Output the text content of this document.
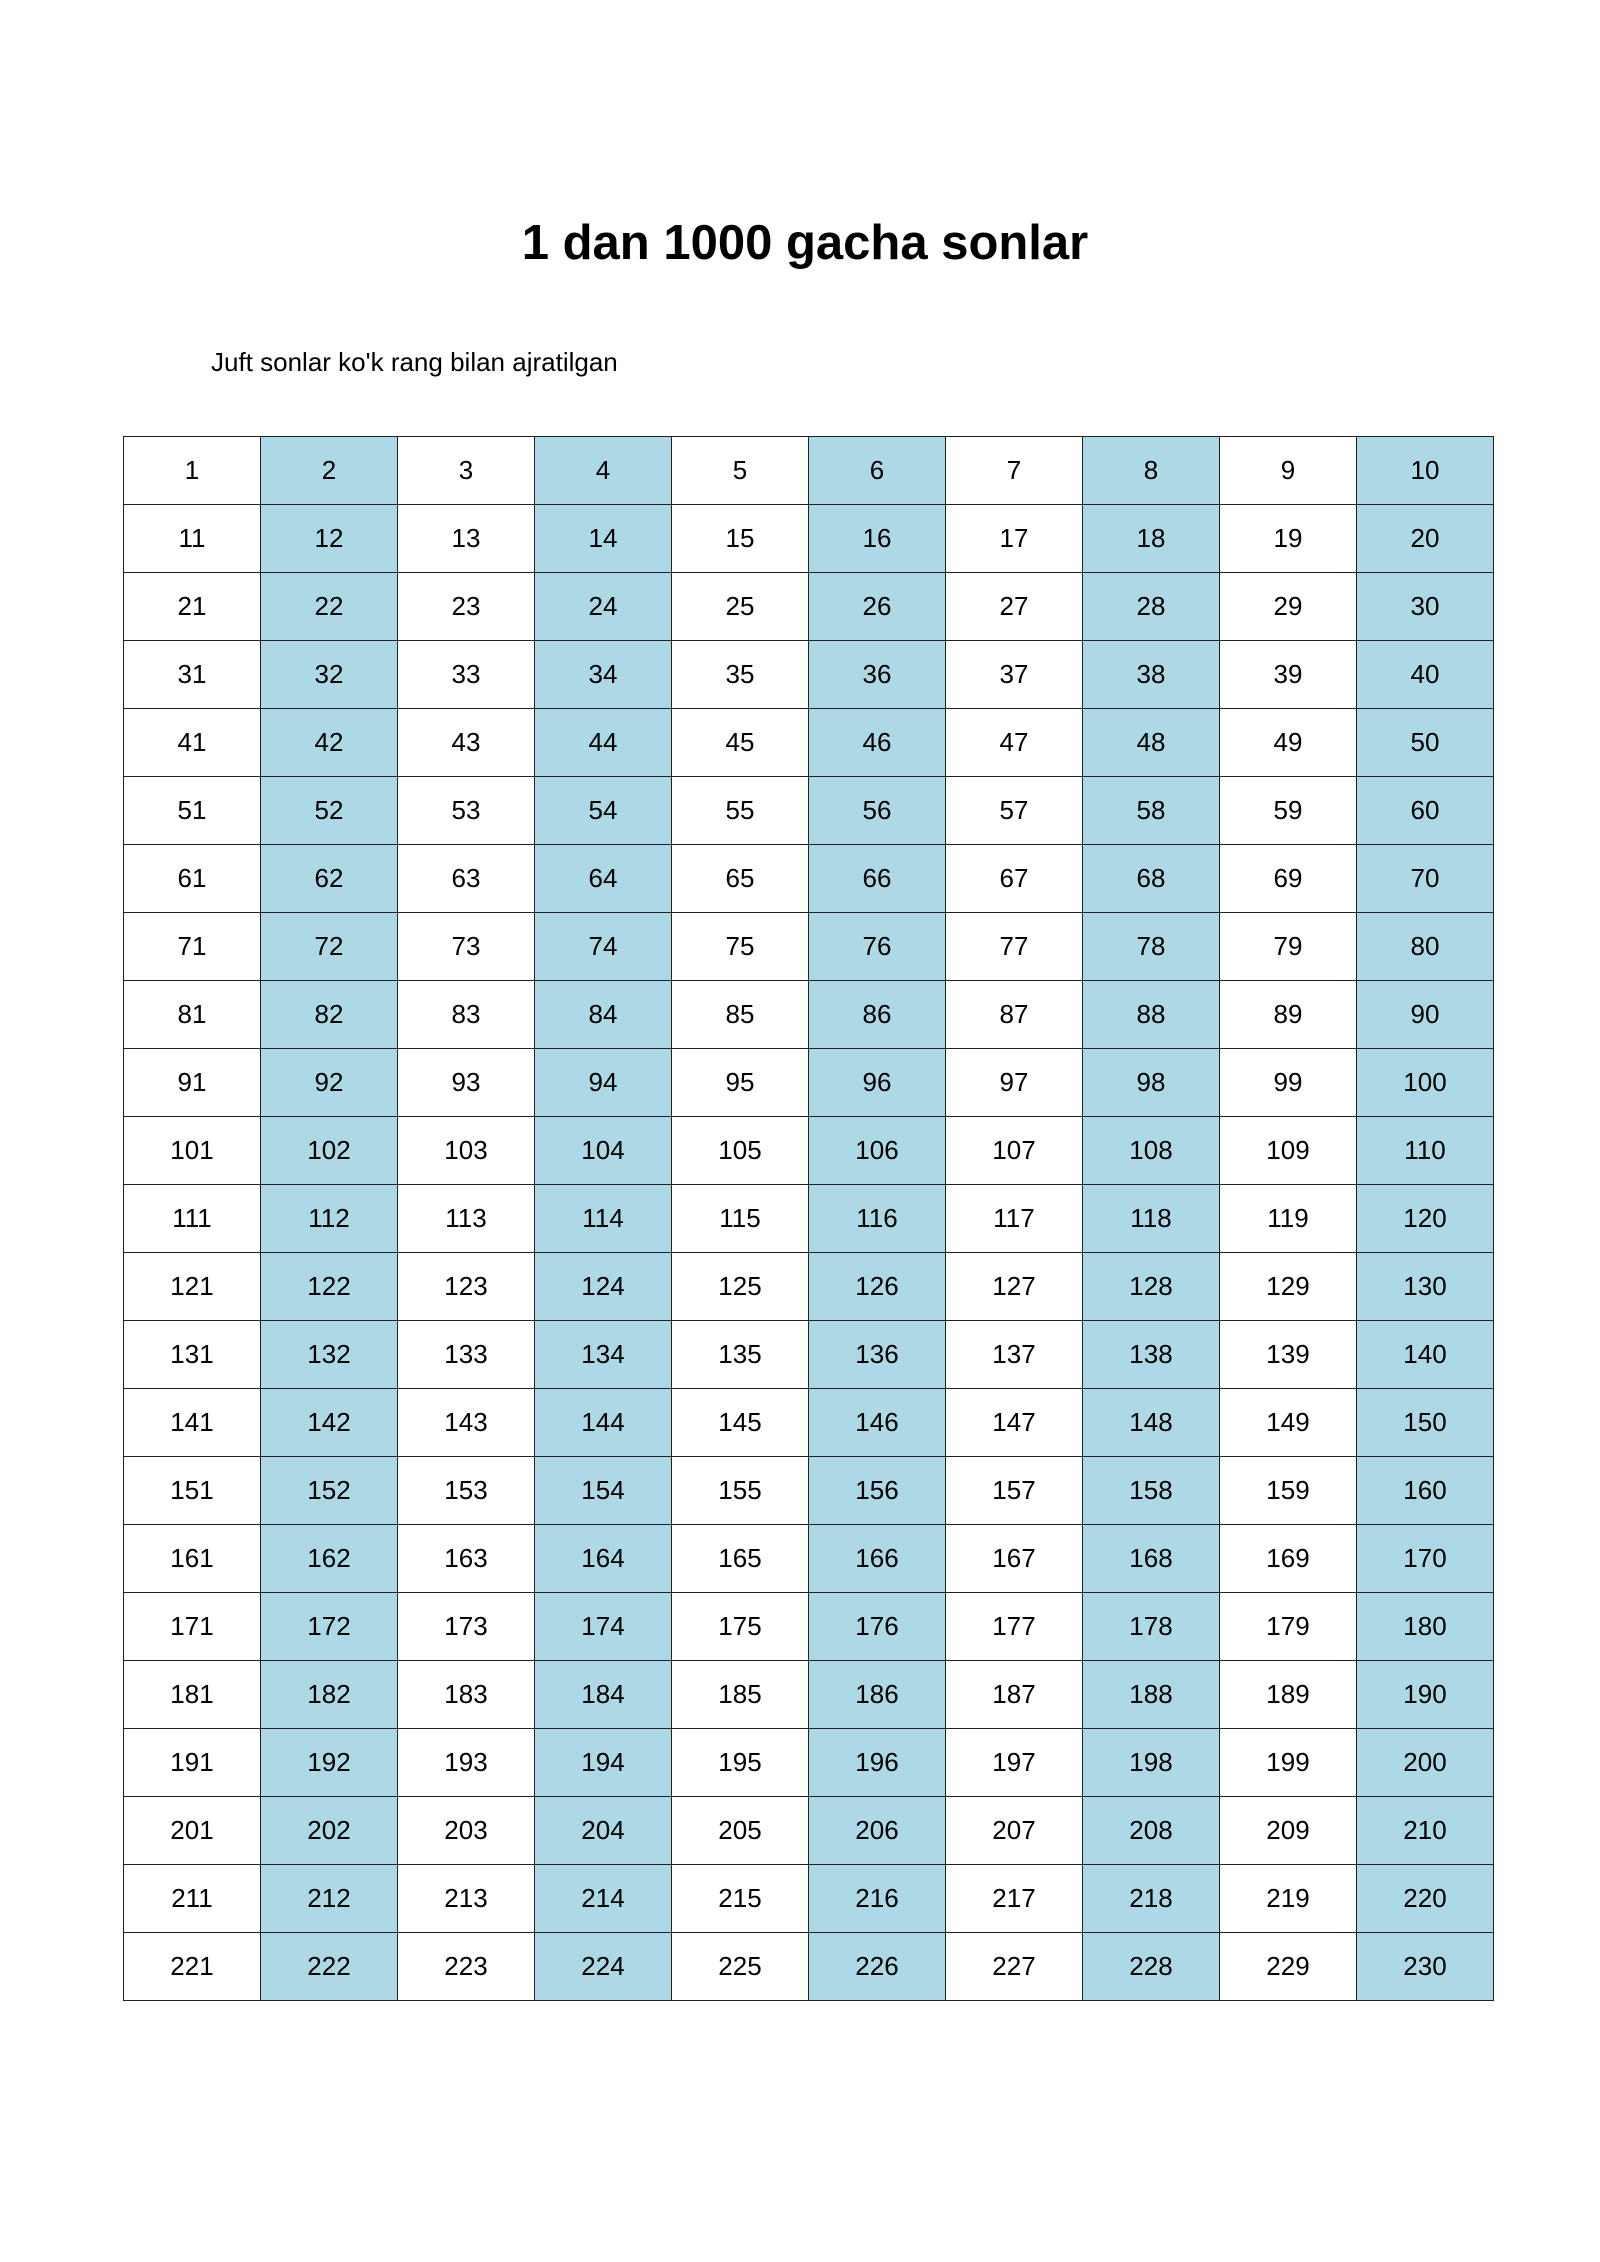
1 dan 1000 gacha sonlar

Juft sonlar ko'k rang bilan ajratilgan

1	2	3	4	5	6	7	8	9	10
11	12	13	14	15	16	17	18	19	20
21	22	23	24	25	26	27	28	29	30
31	32	33	34	35	36	37	38	39	40
41	42	43	44	45	46	47	48	49	50
51	52	53	54	55	56	57	58	59	60
61	62	63	64	65	66	67	68	69	70
71	72	73	74	75	76	77	78	79	80
81	82	83	84	85	86	87	88	89	90
91	92	93	94	95	96	97	98	99	100
101	102	103	104	105	106	107	108	109	110
111	112	113	114	115	116	117	118	119	120
121	122	123	124	125	126	127	128	129	130
131	132	133	134	135	136	137	138	139	140
141	142	143	144	145	146	147	148	149	150
151	152	153	154	155	156	157	158	159	160
161	162	163	164	165	166	167	168	169	170
171	172	173	174	175	176	177	178	179	180
181	182	183	184	185	186	187	188	189	190
191	192	193	194	195	196	197	198	199	200
201	202	203	204	205	206	207	208	209	210
211	212	213	214	215	216	217	218	219	220
221	222	223	224	225	226	227	228	229	230
